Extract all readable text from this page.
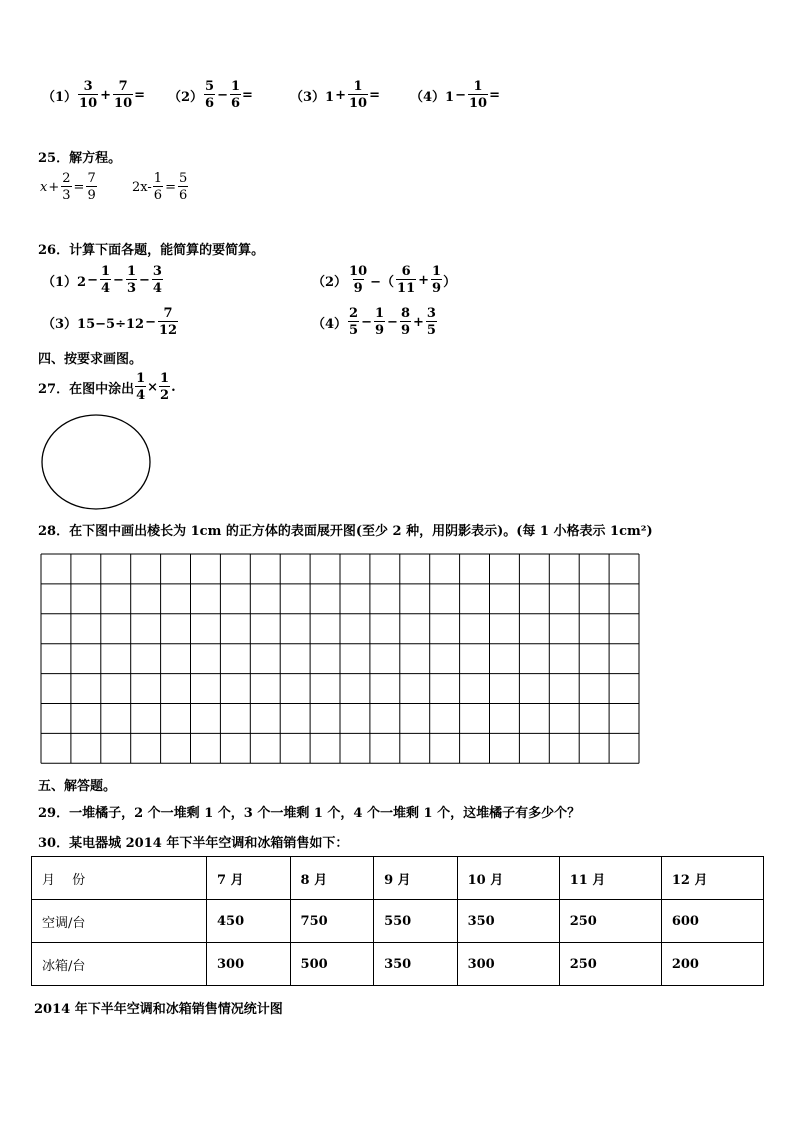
$(1) \frac{3}{10} + \frac{7}{10} = (2) \frac{5}{6} - \frac{1}{6}$ =	$(3)1 + \frac{1}{10} = (4)1 - \frac{1}{10}$ =
25．解方程。
$x + \frac{2}{3} = \frac{7}{9}$	$2x- \frac{1}{6} = \frac{5}{6}$
26．计算下面各题，能简算的要简算。
$(1)2 - \frac{1}{4} - \frac{1}{3} - \frac{3}{4}$	$(2) \frac{10}{9}$ −（ $\frac{6}{11} + \frac{1}{9}$ ）
$(3)15-5\div 12 - \frac{7}{12}$	$(4) \frac{2}{5} - \frac{1}{9} - \frac{8}{9} + \frac{3}{5}$
四、按要求画图。
27．在图中涂出 $\frac{1}{4} \times \frac{1}{2}$ .
28．在下图中画出棱长为 1cm 的正方体的表面展开图(至少 2 种，用阴影表示)。(每 1 小格表示 1cm²)
五、解答题。
29．一堆橘子，2 个一堆剩 1 个，3 个一堆剩 1 个，4 个一堆剩 1 个，这堆橘子有多少个？
30．某电器城 2014 年下半年空调和冰箱销售如下：
月　 份	7 月	8 月	9 月	10 月	11 月	12 月
空调/台	450	750	550	350	250	600
冰箱/台	300	500	350	300	250	200
2014 年下半年空调和冰箱销售情况统计图
